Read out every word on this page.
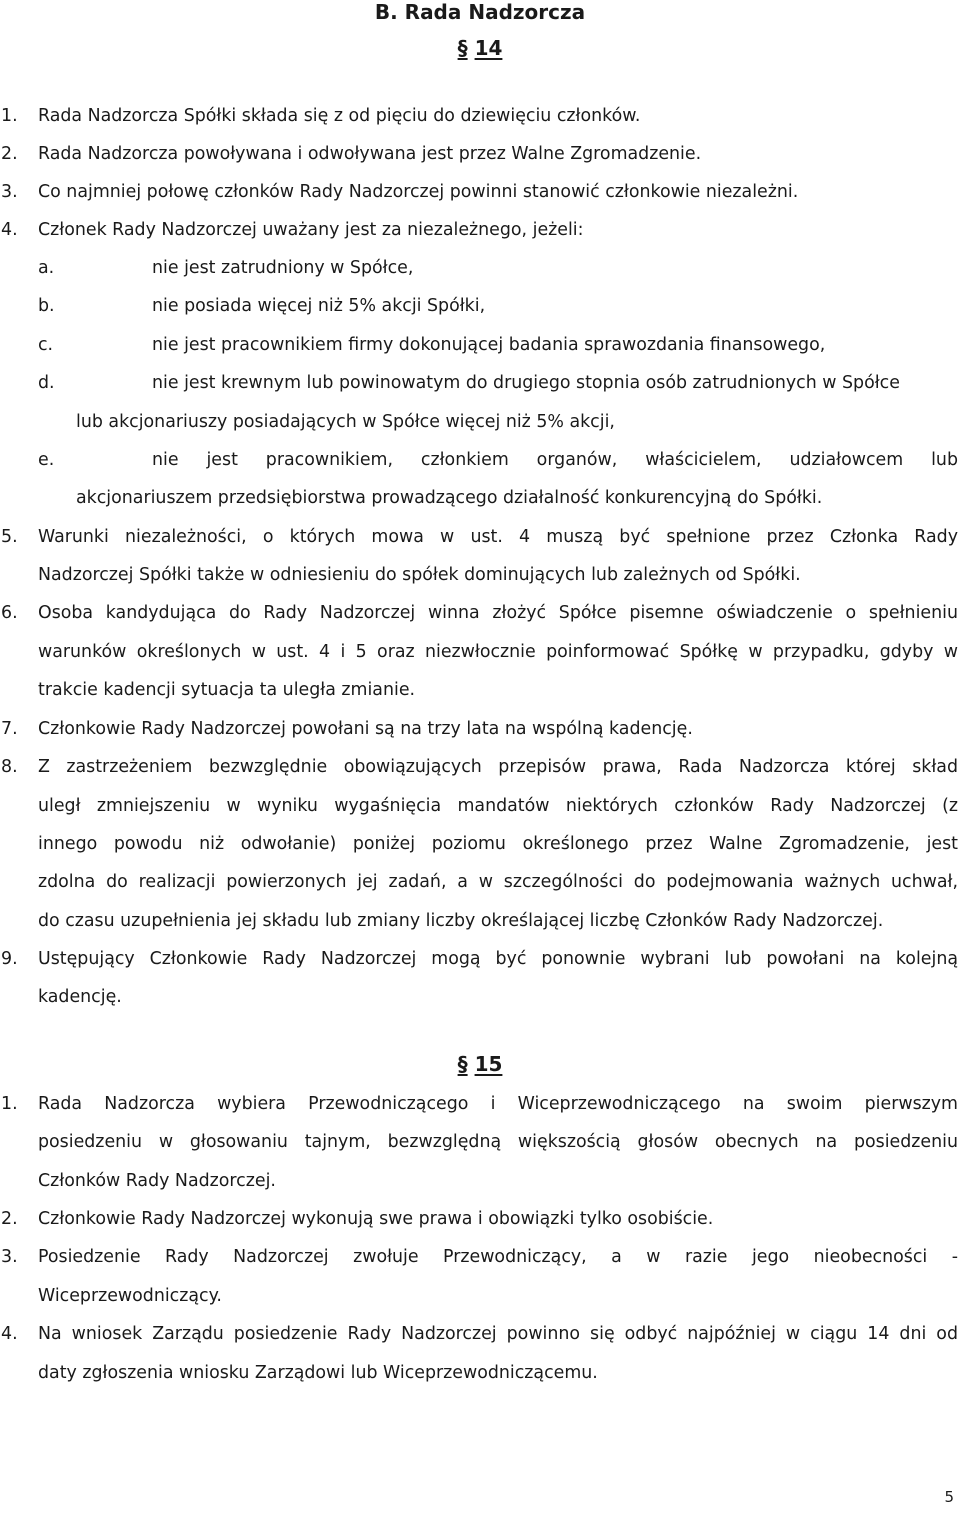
B. Rada Nadzorcza
§ 14
1. Rada Nadzorcza Spółki składa się z od pięciu do dziewięciu członków.
2. Rada Nadzorcza powoływana i odwoływana jest przez Walne Zgromadzenie.
3. Co najmniej połowę członków Rady Nadzorczej powinni stanowić członkowie niezależni.
4. Członek Rady Nadzorczej uważany jest za niezależnego, jeżeli:
a.	nie jest zatrudniony w Spółce,
b.	nie posiada więcej niż 5% akcji Spółki,
c.	nie jest pracownikiem firmy dokonującej badania sprawozdania finansowego,
d.	nie jest krewnym lub powinowatym do drugiego stopnia osób zatrudnionych w Spółce
lub akcjonariuszy posiadających w Spółce więcej niż 5% akcji,
e.	nie jest pracownikiem, członkiem organów, właścicielem, udziałowcem lub
akcjonariuszem przedsiębiorstwa prowadzącego działalność konkurencyjną do Spółki.
5. Warunki niezależności, o których mowa w ust. 4 muszą być spełnione przez Członka Rady
Nadzorczej Spółki także w odniesieniu do spółek dominujących lub zależnych od Spółki.
6. Osoba kandydująca do Rady Nadzorczej winna złożyć Spółce pisemne oświadczenie o spełnieniu
warunków określonych w ust. 4 i 5 oraz niezwłocznie poinformować Spółkę w przypadku, gdyby w
trakcie kadencji sytuacja ta uległa zmianie.
7. Członkowie Rady Nadzorczej powołani są na trzy lata na wspólną kadencję.
8. Z zastrzeżeniem bezwzględnie obowiązujących przepisów prawa, Rada Nadzorcza której skład
uległ zmniejszeniu w wyniku wygaśnięcia mandatów niektórych członków Rady Nadzorczej (z
innego powodu niż odwołanie) poniżej poziomu określonego przez Walne Zgromadzenie, jest
zdolna do realizacji powierzonych jej zadań, a w szczególności do podejmowania ważnych uchwał,
do czasu uzupełnienia jej składu lub zmiany liczby określającej liczbę Członków Rady Nadzorczej.
9. Ustępujący Członkowie Rady Nadzorczej mogą być ponownie wybrani lub powołani na kolejną
kadencję.
§ 15
1. Rada Nadzorcza wybiera Przewodniczącego i Wiceprzewodniczącego na swoim pierwszym
posiedzeniu w głosowaniu tajnym, bezwzględną większością głosów obecnych na posiedzeniu
Członków Rady Nadzorczej.
2. Członkowie Rady Nadzorczej wykonują swe prawa i obowiązki tylko osobiście.
3. Posiedzenie Rady Nadzorczej zwołuje Przewodniczący, a w razie jego nieobecności -
Wiceprzewodniczący.
4. Na wniosek Zarządu posiedzenie Rady Nadzorczej powinno się odbyć najpóźniej w ciągu 14 dni od
daty zgłoszenia wniosku Zarządowi lub Wiceprzewodniczącemu.
5
